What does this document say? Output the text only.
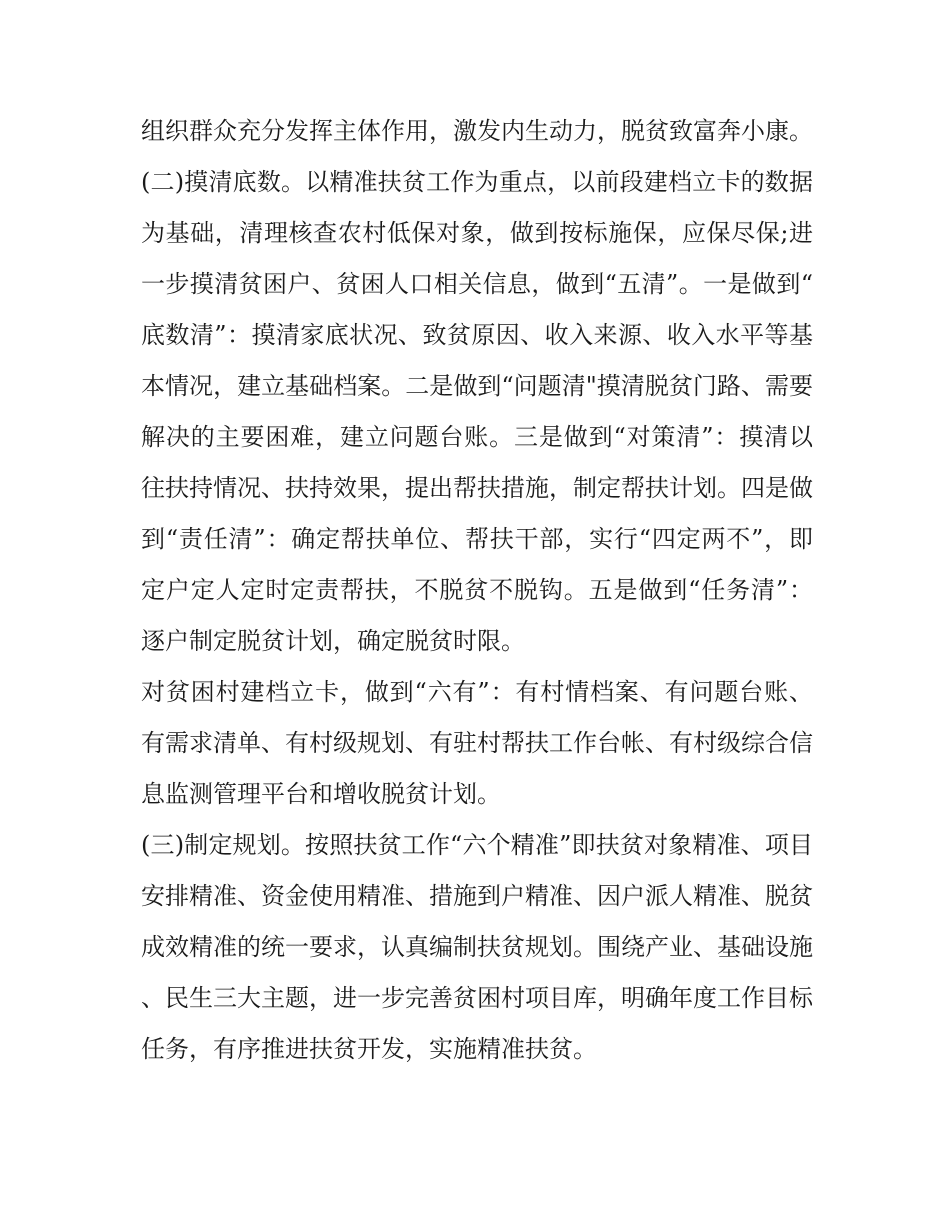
组织群众充分发挥主体作用，激发内生动力，脱贫致富奔小康。

(二)摸清底数。以精准扶贫工作为重点，以前段建档立卡的数据为基础，清理核查农村低保对象，做到按标施保，应保尽保;进一步摸清贫困户、贫困人口相关信息，做到“五清”。一是做到“底数清”：摸清家底状况、致贫原因、收入来源、收入水平等基本情况，建立基础档案。二是做到“问题清"摸清脱贫门路、需要解决的主要困难，建立问题台账。三是做到“对策清”：摸清以往扶持情况、扶持效果，提出帮扶措施，制定帮扶计划。四是做到“责任清”：确定帮扶单位、帮扶干部，实行“四定两不”，即定户定人定时定责帮扶，不脱贫不脱钩。五是做到“任务清”：逐户制定脱贫计划，确定脱贫时限。

对贫困村建档立卡，做到“六有”：有村情档案、有问题台账、有需求清单、有村级规划、有驻村帮扶工作台帐、有村级综合信息监测管理平台和增收脱贫计划。

(三)制定规划。按照扶贫工作“六个精准”即扶贫对象精准、项目安排精准、资金使用精准、措施到户精准、因户派人精准、脱贫成效精准的统一要求，认真编制扶贫规划。围绕产业、基础设施、民生三大主题，进一步完善贫困村项目库，明确年度工作目标任务，有序推进扶贫开发，实施精准扶贫。
